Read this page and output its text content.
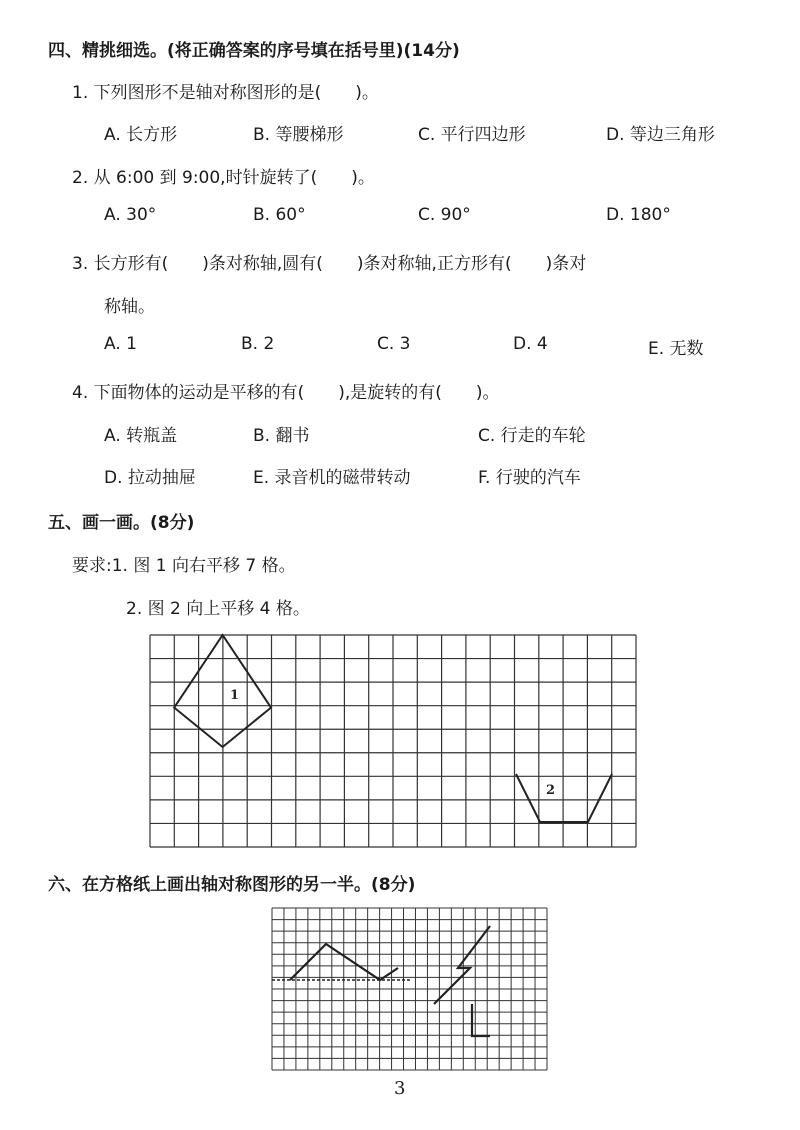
四、精挑细选。(将正确答案的序号填在括号里)(14分)
1. 下列图形不是轴对称图形的是(　　)。
A. 长方形	B. 等腰梯形	C. 平行四边形	D. 等边三角形
2. 从 6:00 到 9:00,时针旋转了(　　)。
A. 30°	B. 60°	C. 90°	D. 180°
3. 长方形有(　　)条对称轴,圆有(　　)条对称轴,正方形有(　　)条对
称轴。
A. 1	B. 2	C. 3	D. 4	E. 无数
4. 下面物体的运动是平移的有(　　),是旋转的有(　　)。
A. 转瓶盖	B. 翻书	C. 行走的车轮
D. 拉动抽屉	E. 录音机的磁带转动	F. 行驶的汽车
五、画一画。(8分)
要求:1. 图 1 向右平移 7 格。
2. 图 2 向上平移 4 格。
1
2
六、在方格纸上画出轴对称图形的另一半。(8分)
3
